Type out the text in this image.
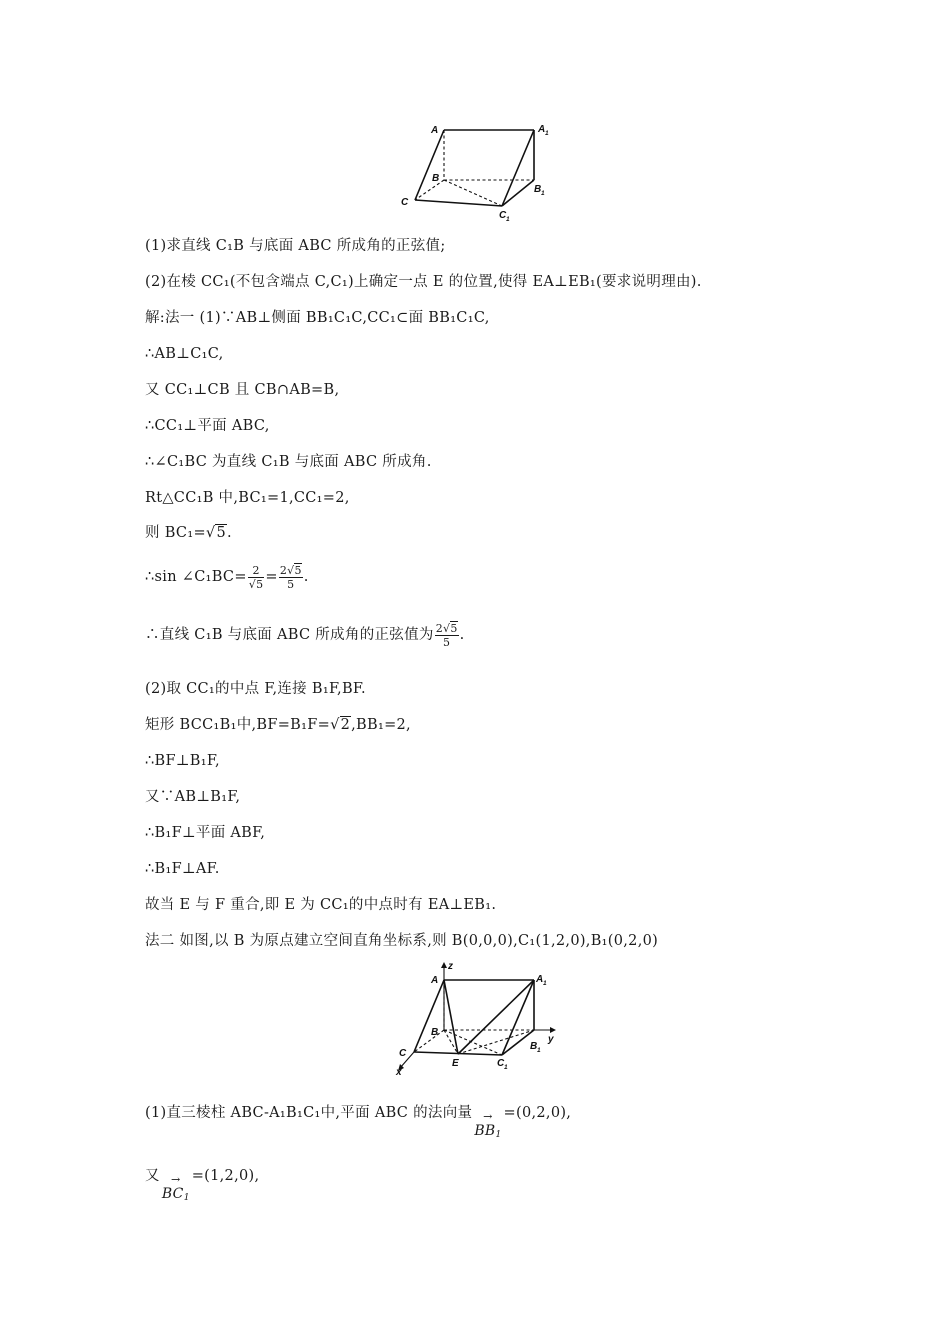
A	A 1
B
B 1
C
C 1
(1)求直线 C₁B 与底面 ABC 所成角的正弦值;
(2)在棱 CC₁(不包含端点 C,C₁)上确定一点 E 的位置,使得 EA⊥EB₁(要求说明理由).
解:法一 (1)∵AB⊥侧面 BB₁C₁C,CC₁⊂面 BB₁C₁C,
∴AB⊥C₁C,
又 CC₁⊥CB 且 CB∩AB=B,
∴CC₁⊥平面 ABC,
∴∠C₁BC 为直线 C₁B 与底面 ABC 所成角.
Rt△CC₁B 中,BC₁=1,CC₁=2,
则 BC₁=√5.
∴sin ∠C₁BC= $\frac{2}{√5} = \frac{2√5}{5}$ .
∴直线 C₁B 与底面 ABC 所成角的正弦值为 $\frac{2√5}{5}$ .
(2)取 CC₁的中点 F,连接 B₁F,BF.
矩形 BCC₁B₁中,BF=B₁F=√2,BB₁=2,
∴BF⊥B₁F,
又∵AB⊥B₁F,
∴B₁F⊥平面 ABF,
∴B₁F⊥AF.
故当 E 与 F 重合,即 E 为 CC₁的中点时有 EA⊥EB₁.
法二 如图,以 B 为原点建立空间直角坐标系,则 B(0,0,0),C₁(1,2,0),B₁(0,2,0)
A
z
A 1
B
y
B 1
C
E	C 1
x
(1)直三棱柱 ABC-A₁B₁C₁中,平面 ABC 的法向量 →
BB1=(0,2,0),
又	→
BC1=(1,2,0),
